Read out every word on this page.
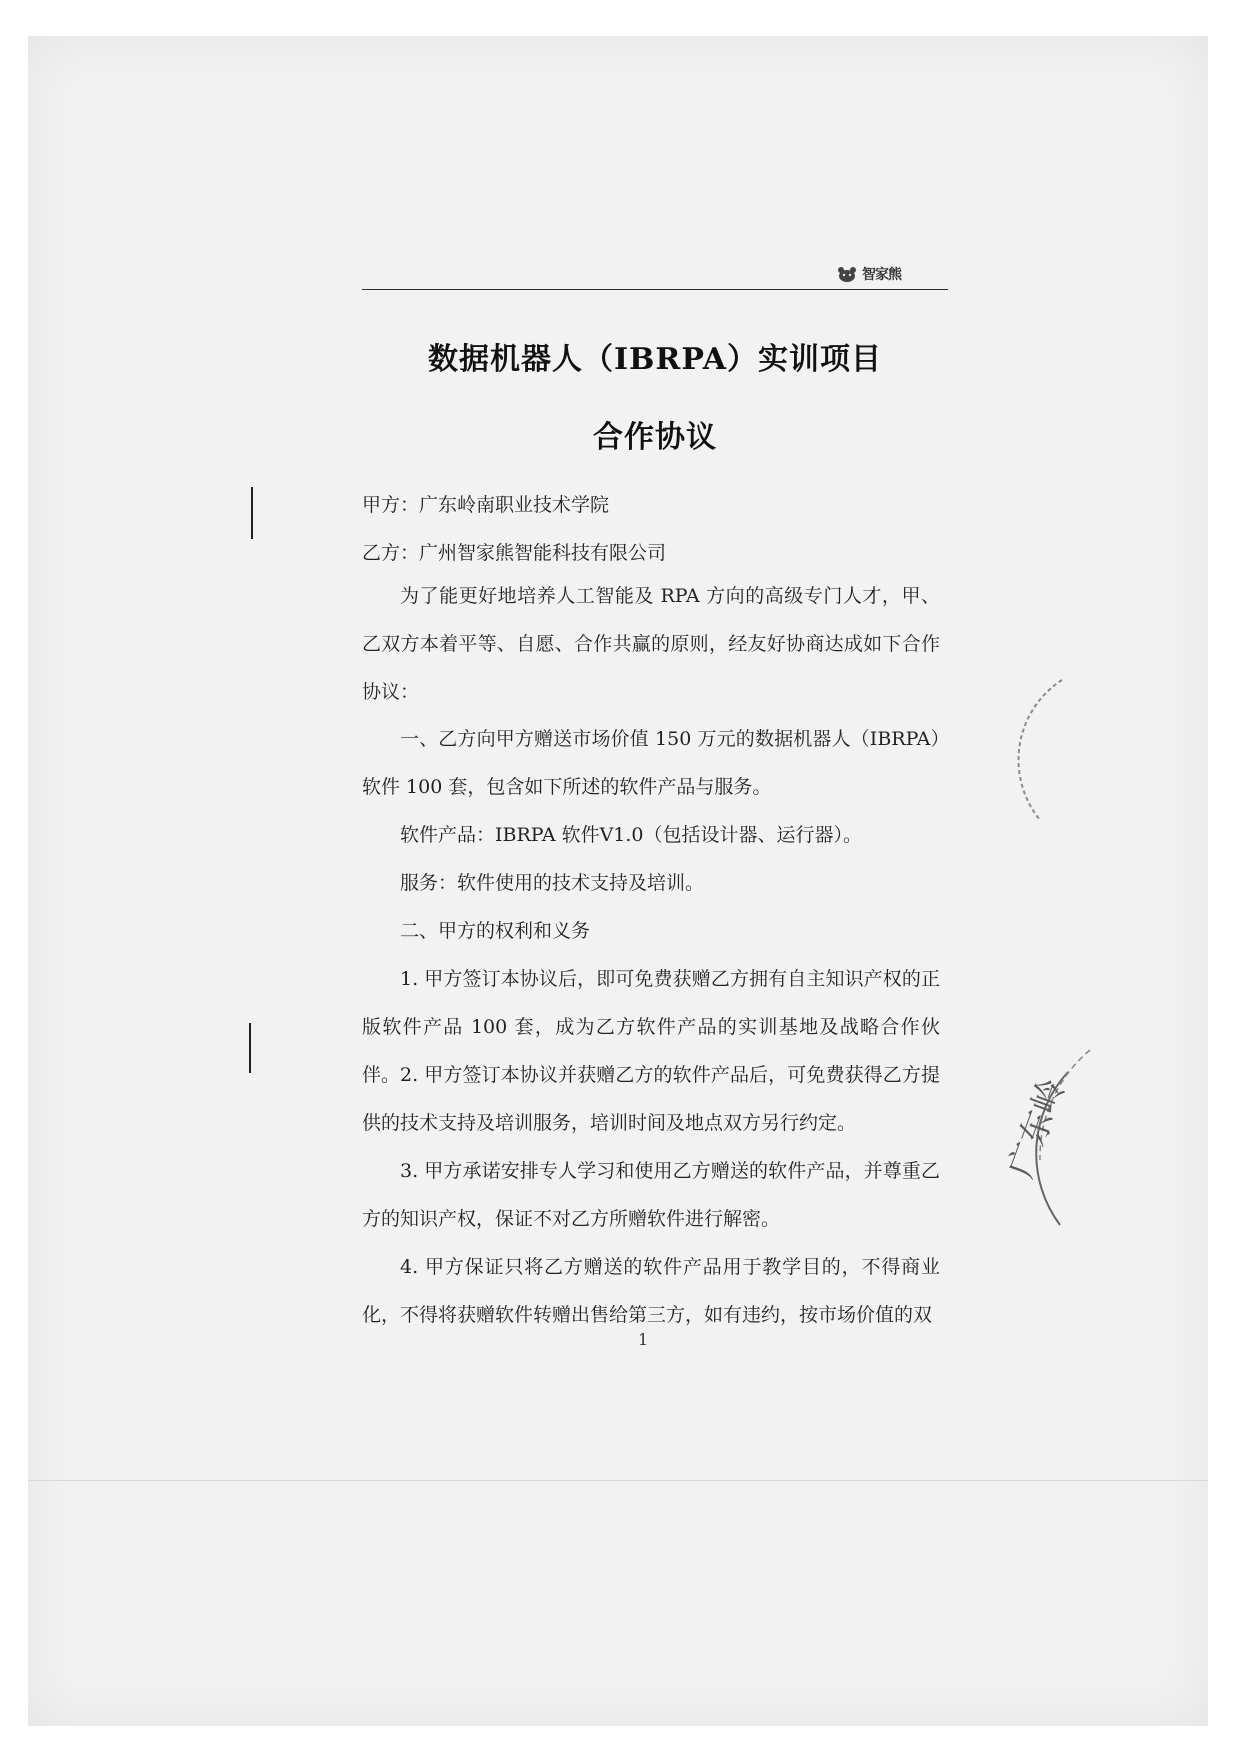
智家熊
数据机器人（IBRPA）实训项目
合作协议
甲方：广东岭南职业技术学院
乙方：广州智家熊智能科技有限公司
为了能更好地培养人工智能及 RPA 方向的高级专门人才，甲、乙双方本着平等、自愿、合作共赢的原则，经友好协商达成如下合作协议：
一、乙方向甲方赠送市场价值 150 万元的数据机器人（IBRPA）软件 100 套，包含如下所述的软件产品与服务。
软件产品：IBRPA 软件V1.0（包括设计器、运行器）。
服务：软件使用的技术支持及培训。
二、甲方的权利和义务
1. 甲方签订本协议后，即可免费获赠乙方拥有自主知识产权的正版软件产品 100 套，成为乙方软件产品的实训基地及战略合作伙伴。 2. 甲方签订本协议并获赠乙方的软件产品后，可免费获得乙方提供的技术支持及培训服务，培训时间及地点双方另行约定。
3. 甲方承诺安排专人学习和使用乙方赠送的软件产品，并尊重乙方的知识产权，保证不对乙方所赠软件进行解密。
4. 甲方保证只将乙方赠送的软件产品用于教学目的，不得商业化，不得将获赠软件转赠出售给第三方，如有违约，按市场价值的双
1
广东岭
